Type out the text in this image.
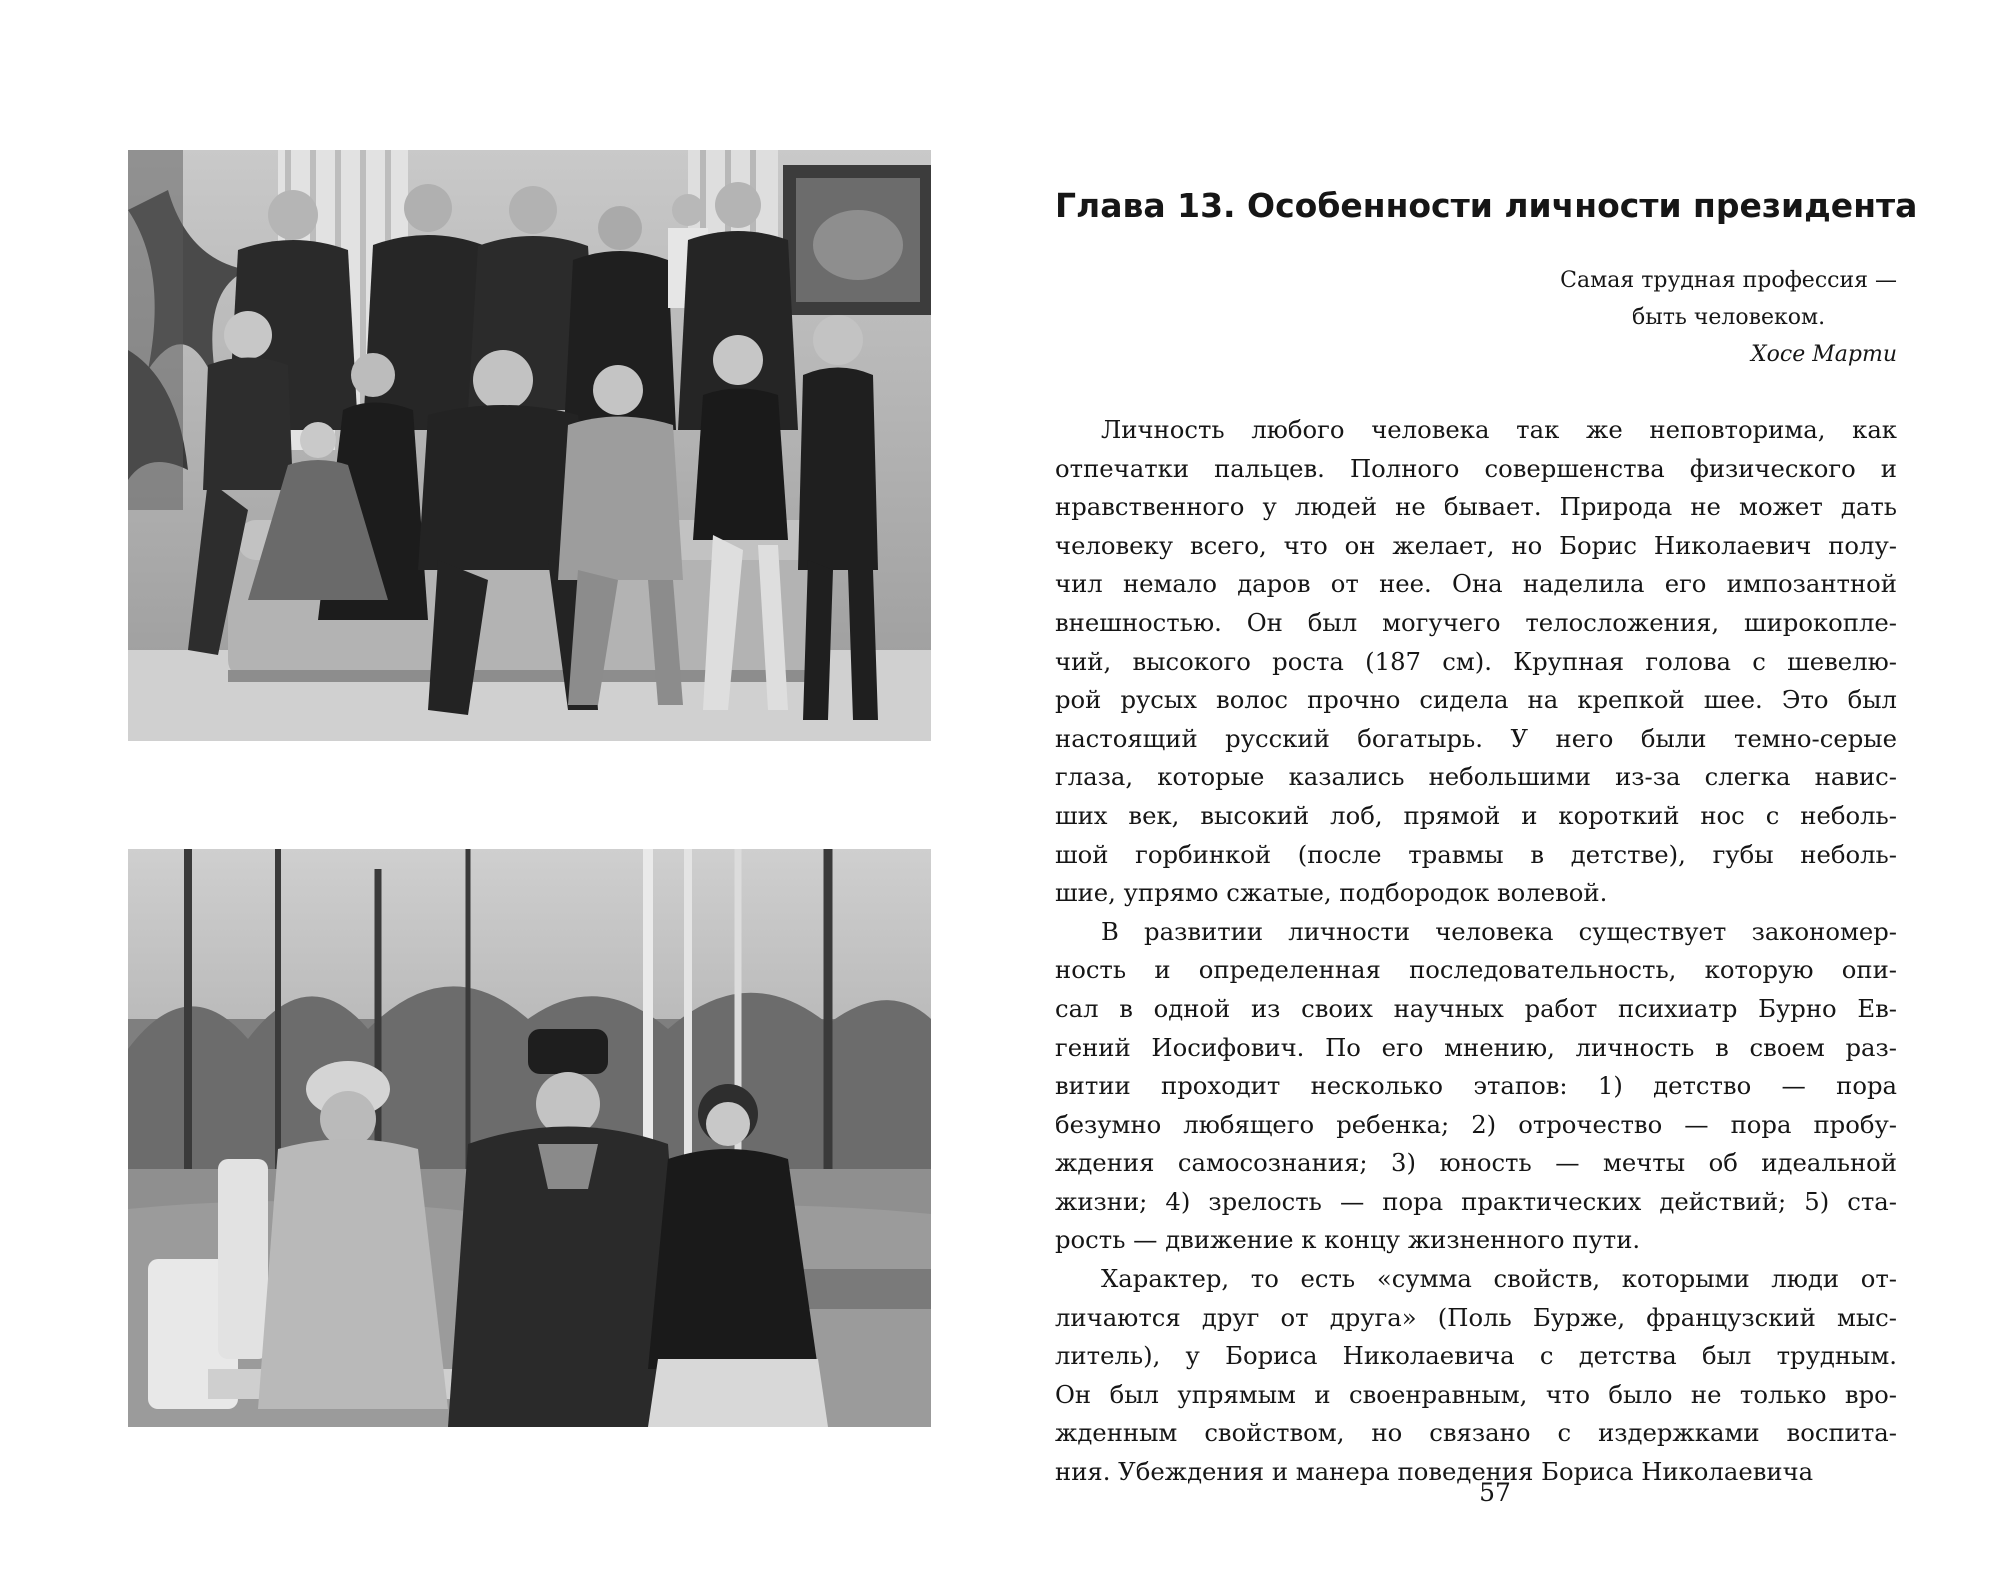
Глава 13. Особенности личности президента
Самая трудная профессия —
быть человеком.
Хосе Марти
Личность любого человека так же неповторима, как
отпечатки пальцев. Полного совершенства физического и
нравственного у людей не бывает. Природа не может дать
человеку всего, что он желает, но Борис Николаевич полу-
чил немало даров от нее. Она наделила его импозантной
внешностью. Он был могучего телосложения, широкопле-
чий, высокого роста (187 см). Крупная голова с шевелю-
рой русых волос прочно сидела на крепкой шее. Это был
настоящий русский богатырь. У него были темно-серые
глаза, которые казались небольшими из-за слегка навис-
ших век, высокий лоб, прямой и короткий нос с неболь-
шой горбинкой (после травмы в детстве), губы неболь-
шие, упрямо сжатые, подбородок волевой.
В развитии личности человека существует закономер-
ность и определенная последовательность, которую опи-
сал в одной из своих научных работ психиатр Бурно Ев-
гений Иосифович. По его мнению, личность в своем раз-
витии проходит несколько этапов: 1) детство — пора
безумно любящего ребенка; 2) отрочество — пора пробу-
ждения самосознания; 3) юность — мечты об идеальной
жизни; 4) зрелость — пора практических действий; 5) ста-
рость — движение к концу жизненного пути.
Характер, то есть «сумма свойств, которыми люди от-
личаются друг от друга» (Поль Бурже, французский мыс-
литель), у Бориса Николаевича с детства был трудным.
Он был упрямым и своенравным, что было не только вро-
жденным свойством, но связано с издержками воспита-
ния. Убеждения и манера поведения Бориса Николаевича
57
